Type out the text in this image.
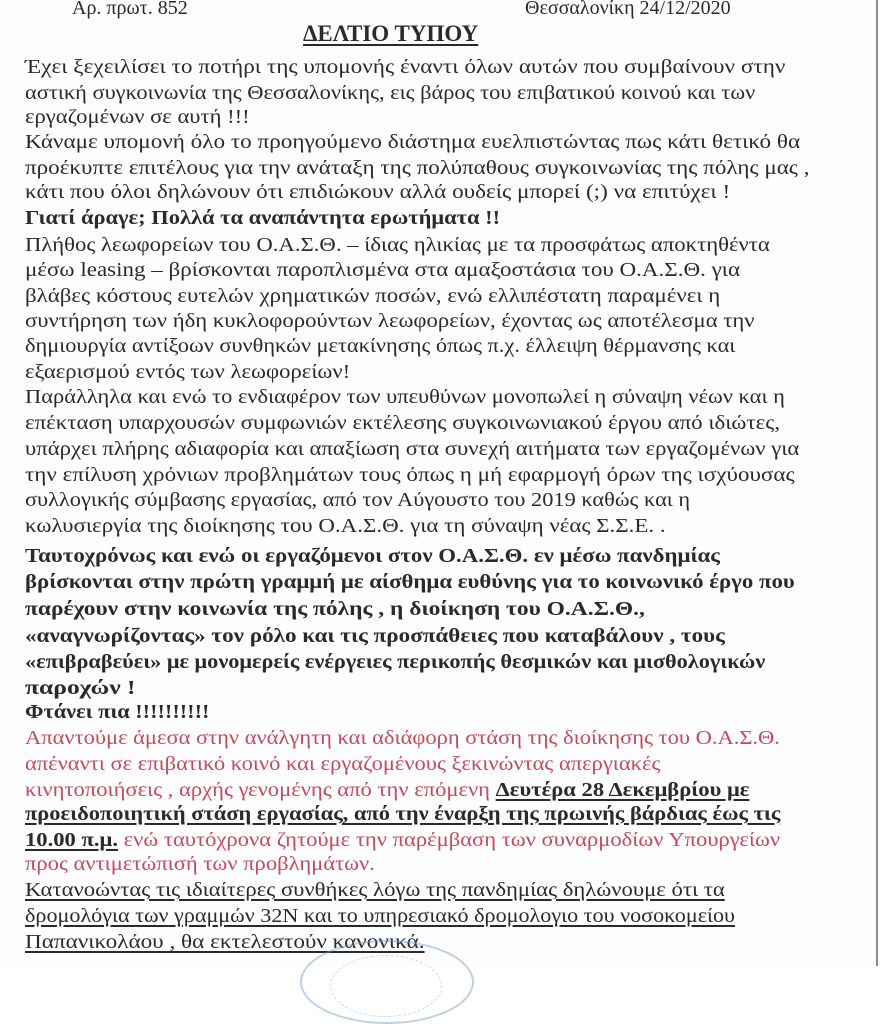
Αρ. πρωτ. 852	Θεσσαλονίκη 24/12/2020
ΔΕΛΤΙΟ ΤΥΠΟΥ
Έχει ξεχειλίσει το ποτήρι της υπομονής έναντι όλων αυτών που συμβαίνουν στην
αστική συγκοινωνία της Θεσσαλονίκης, εις βάρος του επιβατικού κοινού και των
εργαζομένων σε αυτή !!!
Κάναμε υπομονή όλο το προηγούμενο διάστημα ευελπιστώντας πως κάτι θετικό θα
προέκυπτε επιτέλους για την ανάταξη της πολύπαθους συγκοινωνίας της πόλης μας ,
κάτι που όλοι δηλώνουν ότι επιδιώκουν αλλά ουδείς μπορεί (;) να επιτύχει !
Γιατί άραγε; Πολλά τα αναπάντητα ερωτήματα !!
Πλήθος λεωφορείων του Ο.Α.Σ.Θ. – ίδιας ηλικίας με τα προσφάτως αποκτηθέντα
μέσω leasing – βρίσκονται παροπλισμένα στα αμαξοστάσια του Ο.Α.Σ.Θ. για
βλάβες κόστους ευτελών χρηματικών ποσών, ενώ ελλιπέστατη παραμένει η
συντήρηση των ήδη κυκλοφορούντων λεωφορείων, έχοντας ως αποτέλεσμα την
δημιουργία αντίξοων συνθηκών μετακίνησης όπως π.χ. έλλειψη θέρμανσης και
εξαερισμού εντός των λεωφορείων!
Παράλληλα και ενώ το ενδιαφέρον των υπευθύνων μονοπωλεί η σύναψη νέων και η
επέκταση υπαρχουσών συμφωνιών εκτέλεσης συγκοινωνιακού έργου από ιδιώτες,
υπάρχει πλήρης αδιαφορία και απαξίωση στα συνεχή αιτήματα των εργαζομένων για
την επίλυση χρόνιων προβλημάτων τους όπως η μή εφαρμογή όρων της ισχύουσας
συλλογικής σύμβασης εργασίας, από τον Αύγουστο του 2019 καθώς και η
κωλυσιεργία της διοίκησης του Ο.Α.Σ.Θ. για τη σύναψη νέας Σ.Σ.Ε. .
Ταυτοχρόνως και ενώ οι εργαζόμενοι στον Ο.Α.Σ.Θ. εν μέσω πανδημίας
βρίσκονται στην πρώτη γραμμή με αίσθημα ευθύνης για το κοινωνικό έργο που
παρέχουν στην κοινωνία της πόλης , η διοίκηση του Ο.Α.Σ.Θ.,
«αναγνωρίζοντας» τον ρόλο και τις προσπάθειες που καταβάλουν , τους
«επιβραβεύει» με μονομερείς ενέργειες περικοπής θεσμικών και μισθολογικών
παροχών !
Φτάνει πια !!!!!!!!!!
Απαντούμε άμεσα στην ανάλγητη και αδιάφορη στάση της διοίκησης του Ο.Α.Σ.Θ.
απέναντι σε επιβατικό κοινό και εργαζομένους ξεκινώντας απεργιακές
κινητοποιήσεις , αρχής γενομένης από την επόμενη Δευτέρα 28 Δεκεμβρίου με
προειδοποιητική στάση εργασίας, από την έναρξη της πρωινής βάρδιας έως τις
10.00 π.μ. ενώ ταυτόχρονα ζητούμε την παρέμβαση των συναρμοδίων Υπουργείων
προς αντιμετώπισή των προβλημάτων.
Κατανοώντας τις ιδιαίτερες συνθήκες λόγω της πανδημίας δηλώνουμε ότι τα
δρομολόγια των γραμμών 32Ν και το υπηρεσιακό δρομολογιο του νοσοκομείου
Παπανικολάου , θα εκτελεστούν κανονικά.
